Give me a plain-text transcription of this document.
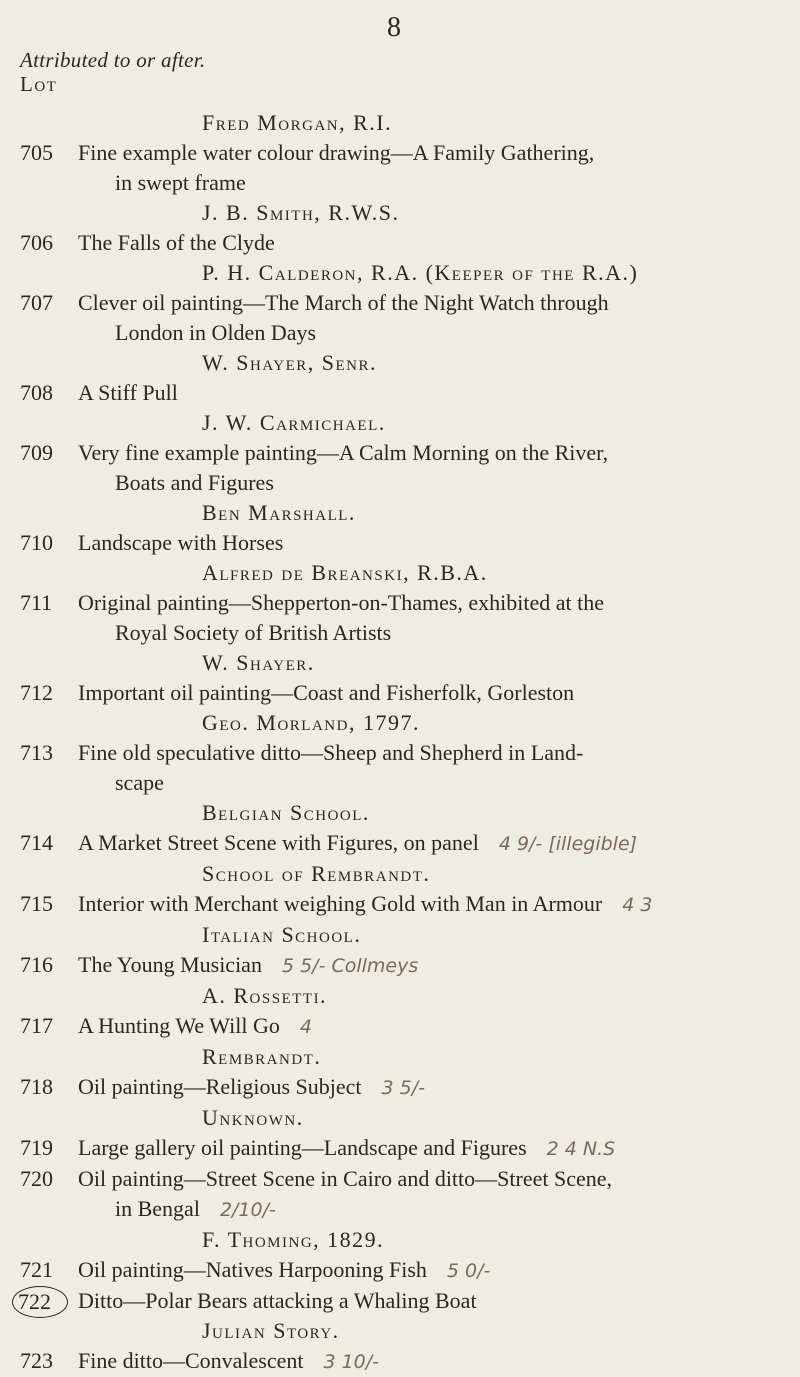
8
Attributed to or after.
Lot
Fred Morgan, R.I.
705	Fine example water colour drawing—A Family Gathering,
in swept frame
J. B. Smith, R.W.S.
706	The Falls of the Clyde
P. H. Calderon, R.A. (Keeper of the R.A.)
707	Clever oil painting—The March of the Night Watch through
London in Olden Days
W. Shayer, Senr.
708	A Stiff Pull
J. W. Carmichael.
709	Very fine example painting—A Calm Morning on the River,
Boats and Figures
Ben Marshall.
710	Landscape with Horses
Alfred de Breanski, R.B.A.
711	Original painting—Shepperton-on-Thames, exhibited at the
Royal Society of British Artists
W. Shayer.
712	Important oil painting—Coast and Fisherfolk, Gorleston
Geo. Morland, 1797.
713	Fine old speculative ditto—Sheep and Shepherd in Land-
scape
Belgian School.
714	A Market Street Scene with Figures, on panel 4 9/- [illegible]
School of Rembrandt.
715	Interior with Merchant weighing Gold with Man in Armour 4 3
Italian School.
716	The Young Musician 5 5/- Collmeys
A. Rossetti.
717	A Hunting We Will Go 4
Rembrandt.
718	Oil painting—Religious Subject 3 5/-
Unknown.
719	Large gallery oil painting—Landscape and Figures 2 4 N.S
720	Oil painting—Street Scene in Cairo and ditto—Street Scene,
in Bengal 2/10/-
F. Thoming, 1829.
721	Oil painting—Natives Harpooning Fish 5 0/-
722	Ditto—Polar Bears attacking a Whaling Boat
Julian Story.
723	Fine ditto—Convalescent 3 10/-
